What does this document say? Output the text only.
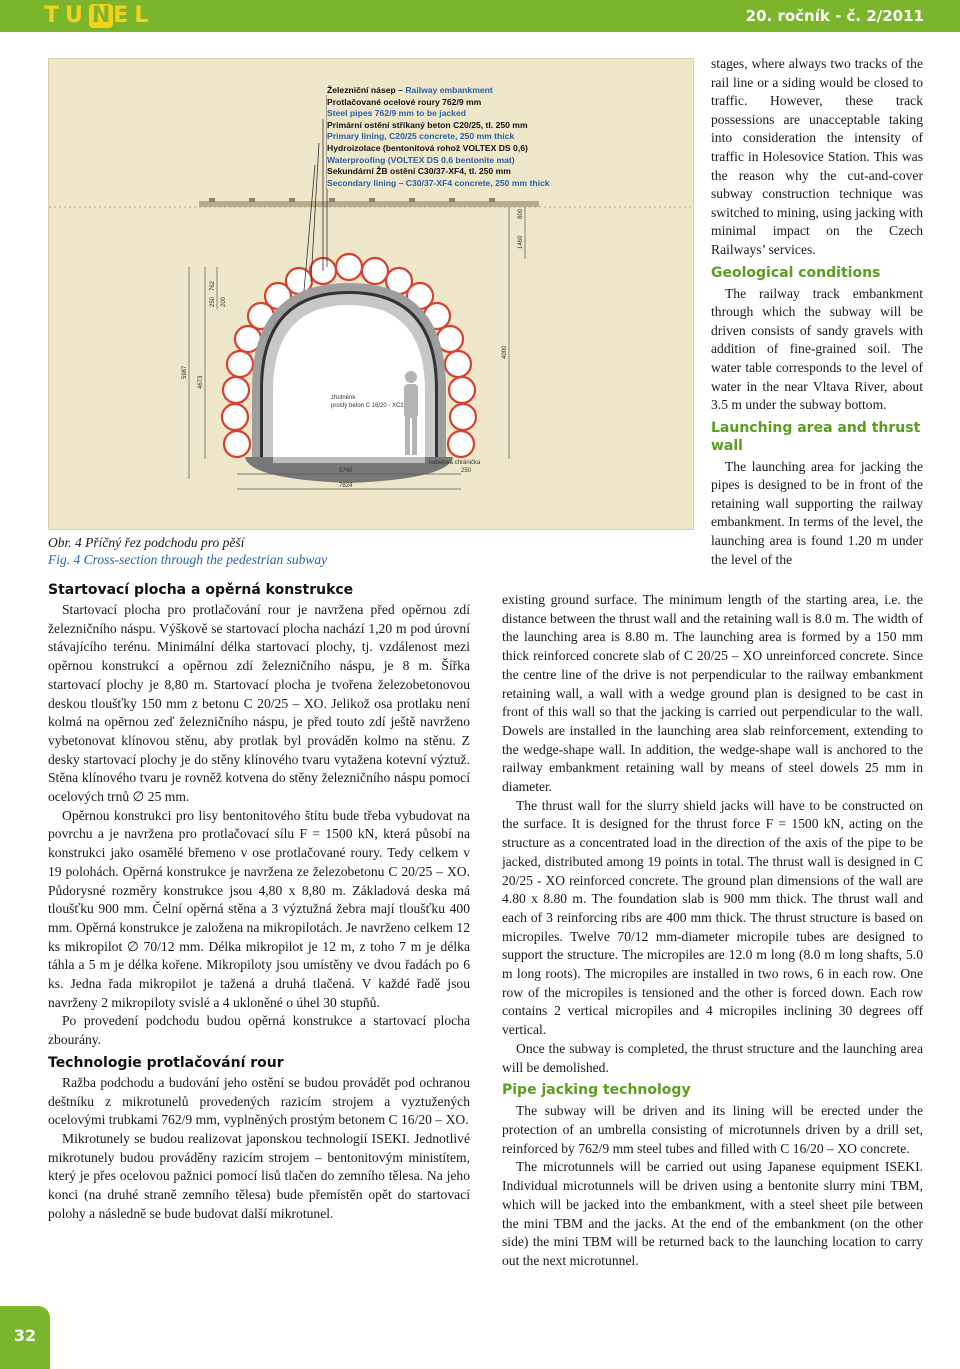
TU N EL	20. ročník - č. 2/2011
5987
4673
250
762
200
4000
1460
800
5740
7824
250
zhutněnk
prostý beton C 16/20 - XC2
kabelová chránička
Železniční násep – Railway embankment
Protlačované ocelové roury 762/9 mm
Steel pipes 762/9 mm to be jacked
Primární ostění stříkaný beton C20/25, tl. 250 mm
Primary lining, C20/25 concrete, 250 mm thick
Hydroizolace (bentonitová rohož VOLTEX DS 0,6)
Waterproofing (VOLTEX DS 0.6 bentonite mat)
Sekundární ŽB ostění C30/37-XF4, tl. 250 mm
Secondary lining – C30/37-XF4 concrete, 250 mm thick
Obr. 4 Příčný řez podchodu pro pěší
Fig. 4 Cross-section through the pedestrian subway

stages, where always two tracks of the rail line or a siding would be closed to traffic. However, these track possessions are unacceptable taking into consideration the intensity of traffic in Holesovice Station. This was the reason why the cut-and-cover subway construction technique was switched to mining, using jacking with minimal impact on the Czech Railways’ services.

Geological conditions

The railway track embankment through which the subway will be driven consists of sandy gravels with addition of fine-grained soil. The water table corresponds to the level of water in the near Vltava River, about 3.5 m under the subway bottom.

Launching area and thrust wall

The launching area for jacking the pipes is designed to be in front of the retaining wall supporting the railway embankment. In terms of the level, the launching area is found 1.20 m under the level of the

Startovací plocha a opěrná konstrukce

Startovací plocha pro protlačování rour je navržena před opěrnou zdí železničního náspu. Výškově se startovací plocha nachází 1,20 m pod úrovní stávajícího terénu. Minimální délka startovací plochy, tj. vzdálenost mezi opěrnou konstrukcí a opěrnou zdí železničního náspu, je 8 m. Šířka startovací plochy je 8,80 m. Startovací plocha je tvořena železobetonovou deskou tloušťky 150 mm z betonu C 20/25 – XO. Jelikož osa protlaku není kolmá na opěrnou zeď železničního náspu, je před touto zdí ještě navrženo vybetonovat klínovou stěnu, aby protlak byl prováděn kolmo na stěnu. Z desky startovací plochy je do stěny klínového tvaru vytažena kotevní výztuž. Stěna klínového tvaru je rovněž kotvena do stěny železničního náspu pomocí ocelových trnů ∅ 25 mm.

Opěrnou konstrukci pro lisy bentonitového štítu bude třeba vybudovat na povrchu a je navržena pro protlačovací sílu F = 1500 kN, která působí na konstrukci jako osamělé břemeno v ose protlačované roury. Tedy celkem v 19 polohách. Opěrná konstrukce je navržena ze železobetonu C 20/25 – XO. Půdorysné rozměry konstrukce jsou 4,80 x 8,80 m. Základová deska má tloušťku 900 mm. Čelní opěrná stěna a 3 výztužná žebra mají tloušťku 400 mm. Opěrná konstrukce je založena na mikropilotách. Je navrženo celkem 12 ks mikropilot ∅ 70/12 mm. Délka mikropilot je 12 m, z toho 7 m je délka táhla a 5 m je délka kořene. Mikropiloty jsou umístěny ve dvou řadách po 6 ks. Jedna řada mikropilot je tažená a druhá tlačená. V každé řadě jsou navrženy 2 mikropiloty svislé a 4 ukloněné o úhel 30 stupňů.

Po provedení podchodu budou opěrná konstrukce a startovací plocha zbourány.

Technologie protlačování rour

Ražba podchodu a budování jeho ostění se budou provádět pod ochranou deštníku z mikrotunelů provedených razicím strojem a vyztužených ocelovými trubkami 762/9 mm, vyplněných prostým betonem C 16/20 – XO.

Mikrotunely se budou realizovat japonskou technologií ISEKI. Jednotlivé mikrotunely budou prováděny razicím strojem – bentonitovým ministítem, který je přes ocelovou pažnici pomocí lisů tlačen do zemního tělesa. Na jeho konci (na druhé straně zemního tělesa) bude přemístěn opět do startovací polohy a následně se bude budovat další mikrotunel.

existing ground surface. The minimum length of the starting area, i.e. the distance between the thrust wall and the retaining wall is 8.0 m. The width of the launching area is 8.80 m. The launching area is formed by a 150 mm thick reinforced concrete slab of C 20/25 – XO unreinforced concrete. Since the centre line of the drive is not perpendicular to the railway embankment retaining wall, a wall with a wedge ground plan is designed to be cast in front of this wall so that the jacking is carried out perpendicular to the wall. Dowels are installed in the launching area slab reinforcement, extending to the wedge-shape wall. In addition, the wedge-shape wall is anchored to the railway embankment retaining wall by means of steel dowels 25 mm in diameter.

The thrust wall for the slurry shield jacks will have to be constructed on the surface. It is designed for the thrust force F = 1500 kN, acting on the structure as a concentrated load in the direction of the axis of the pipe to be jacked, distributed among 19 points in total. The thrust wall is designed in C 20/25 - XO reinforced concrete. The ground plan dimensions of the wall are 4.80 x 8.80 m. The foundation slab is 900 mm thick. The thrust wall and each of 3 reinforcing ribs are 400 mm thick. The thrust structure is based on micropiles. Twelve 70/12 mm-diameter micropile tubes are designed to support the structure. The micropiles are 12.0 m long (8.0 m long shafts, 5.0 m long roots). The micropiles are installed in two rows, 6 in each row. One row of the micropiles is tensioned and the other is forced down. Each row contains 2 vertical micropiles and 4 micropiles inclining 30 degrees off vertical.

Once the subway is completed, the thrust structure and the launching area will be demolished.

Pipe jacking technology

The subway will be driven and its lining will be erected under the protection of an umbrella consisting of microtunnels driven by a drill set, reinforced by 762/9 mm steel tubes and filled with C 16/20 – XO concrete.

The microtunnels will be carried out using Japanese equipment ISEKI. Individual microtunnels will be driven using a bentonite slurry mini TBM, which will be jacked into the embankment, with a steel sheet pile between the mini TBM and the jacks. At the end of the embankment (on the other side) the mini TBM will be returned back to the launching location to carry out the next microtunnel.

32
